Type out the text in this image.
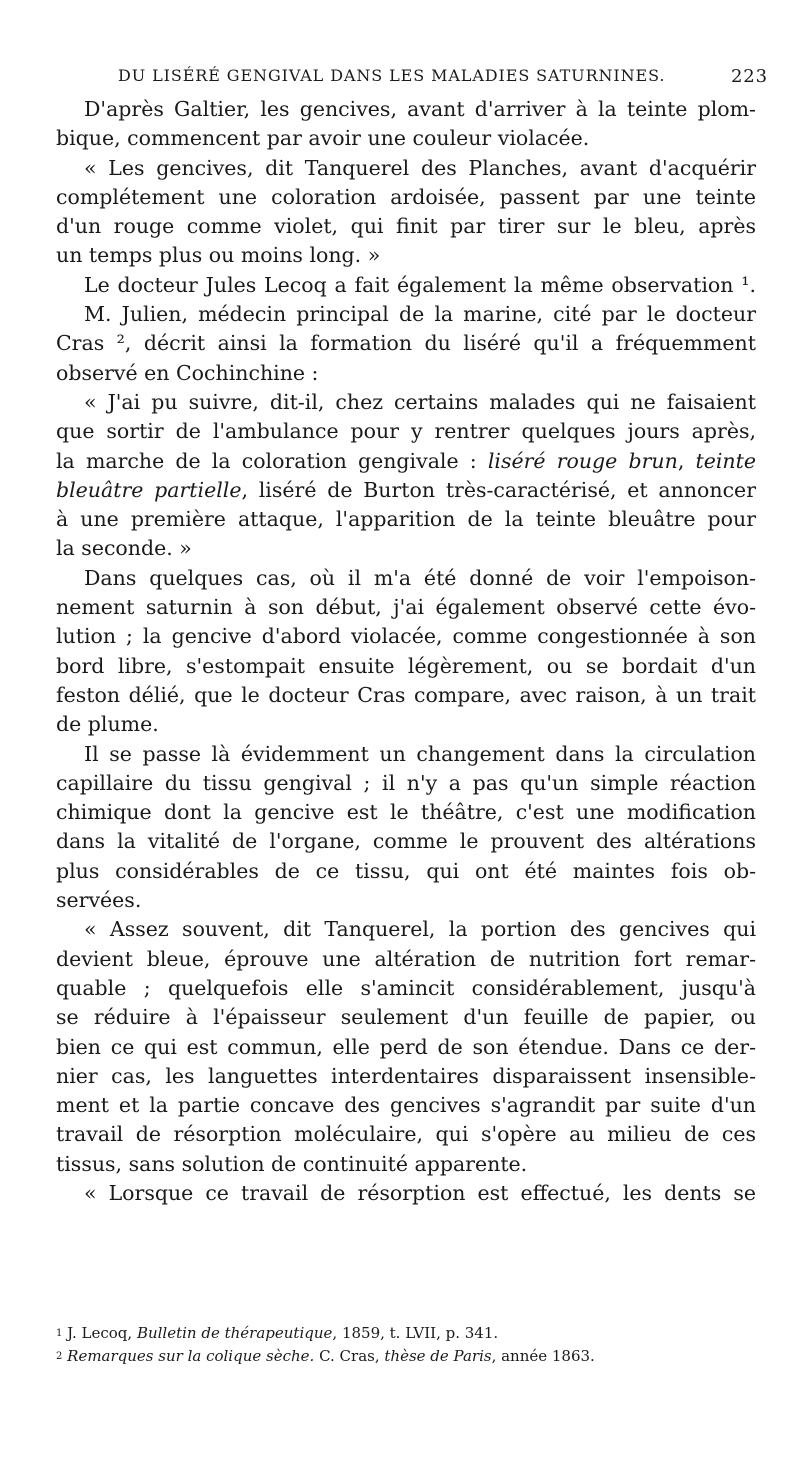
DU LISÉRÉ GENGIVAL DANS LES MALADIES SATURNINES.	223
D'après Galtier, les gencives, avant d'arriver à la teinte plom-
bique, commencent par avoir une couleur violacée.
« Les gencives, dit Tanquerel des Planches, avant d'acquérir
complétement une coloration ardoisée, passent par une teinte
d'un rouge comme violet, qui finit par tirer sur le bleu, après
un temps plus ou moins long. »
Le docteur Jules Lecoq a fait également la même observation ¹.
M. Julien, médecin principal de la marine, cité par le docteur
Cras ², décrit ainsi la formation du liséré qu'il a fréquemment
observé en Cochinchine :
« J'ai pu suivre, dit-il, chez certains malades qui ne faisaient
que sortir de l'ambulance pour y rentrer quelques jours après,
la marche de la coloration gengivale : liséré rouge brun, teinte
bleuâtre partielle, liséré de Burton très-caractérisé, et annoncer
à une première attaque, l'apparition de la teinte bleuâtre pour
la seconde. »
Dans quelques cas, où il m'a été donné de voir l'empoison-
nement saturnin à son début, j'ai également observé cette évo-
lution ; la gencive d'abord violacée, comme congestionnée à son
bord libre, s'estompait ensuite légèrement, ou se bordait d'un
feston délié, que le docteur Cras compare, avec raison, à un trait
de plume.
Il se passe là évidemment un changement dans la circulation
capillaire du tissu gengival ; il n'y a pas qu'un simple réaction
chimique dont la gencive est le théâtre, c'est une modification
dans la vitalité de l'organe, comme le prouvent des altérations
plus considérables de ce tissu, qui ont été maintes fois ob-
servées.
« Assez souvent, dit Tanquerel, la portion des gencives qui
devient bleue, éprouve une altération de nutrition fort remar-
quable ; quelquefois elle s'amincit considérablement, jusqu'à
se réduire à l'épaisseur seulement d'un feuille de papier, ou
bien ce qui est commun, elle perd de son étendue. Dans ce der-
nier cas, les languettes interdentaires disparaissent insensible-
ment et la partie concave des gencives s'agrandit par suite d'un
travail de résorption moléculaire, qui s'opère au milieu de ces
tissus, sans solution de continuité apparente.
« Lorsque ce travail de résorption est effectué, les dents se
$^1$ J. Lecoq, Bulletin de thérapeutique, 1859, t. LVII, p. 341.
$^2$ Remarques sur la colique sèche. C. Cras, thèse de Paris, année 1863.
